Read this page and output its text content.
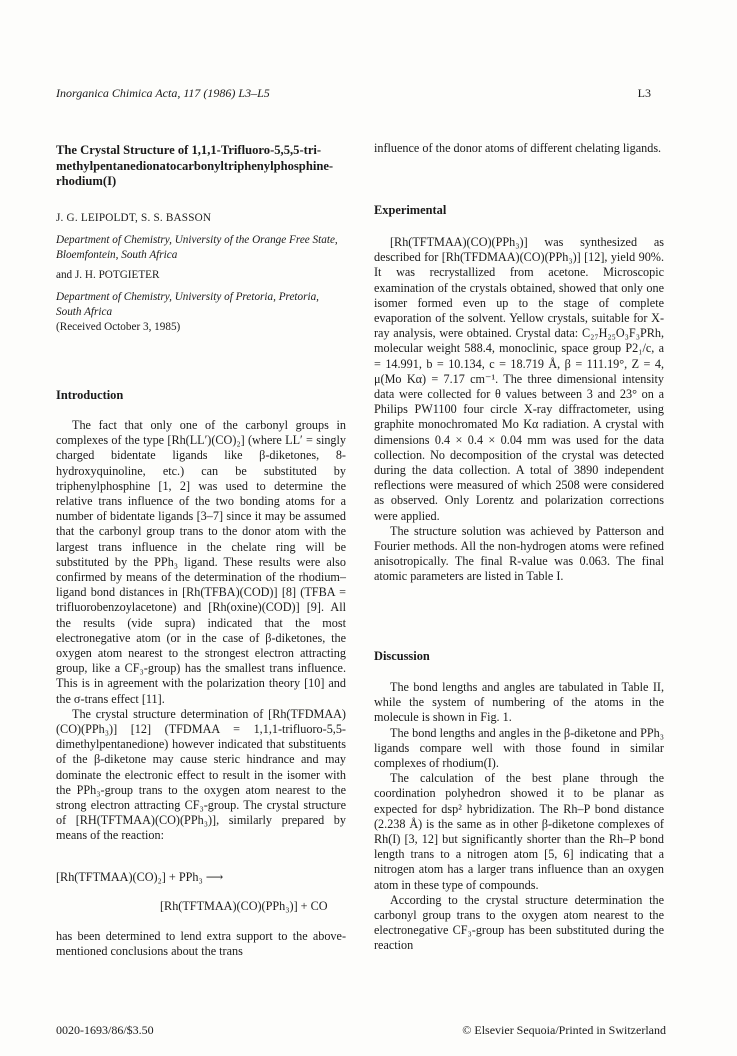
Inorganica Chimica Acta, 117 (1986) L3–L5	L3
The Crystal Structure of 1,1,1-Trifluoro-5,5,5-tri-methylpentanedionatocarbonyltriphenylphosphine-rhodium(I)
J. G. LEIPOLDT, S. S. BASSON
Department of Chemistry, University of the Orange Free State, Bloemfontein, South Africa
and J. H. POTGIETER
Department of Chemistry, University of Pretoria, Pretoria, South Africa
(Received October 3, 1985)
Introduction

The fact that only one of the carbonyl groups in complexes of the type [Rh(LL′)(CO)₂] (where LL′ = singly charged bidentate ligands like β-diketones, 8-hydroxyquinoline, etc.) can be substituted by triphenylphosphine [1, 2] was used to determine the relative trans influence of the two bonding atoms for a number of bidentate ligands [3–7] since it may be assumed that the carbonyl group trans to the donor atom with the largest trans influence in the chelate ring will be substituted by the PPh₃ ligand. These results were also confirmed by means of the determination of the rhodium–ligand bond distances in [Rh(TFBA)(COD)] [8] (TFBA = trifluorobenzoylacetone) and [Rh(oxine)(COD)] [9]. All the results (vide supra) indicated that the most electronegative atom (or in the case of β-diketones, the oxygen atom nearest to the strongest electron attracting group, like a CF₃-group) has the smallest trans influence. This is in agreement with the polarization theory [10] and the σ-trans effect [11].

The crystal structure determination of [Rh(TFDMAA)(CO)(PPh₃)] [12] (TFDMAA = 1,1,1-trifluoro-5,5-dimethylpentanedione) however indicated that substituents of the β-diketone may cause steric hindrance and may dominate the electronic effect to result in the isomer with the PPh₃-group trans to the oxygen atom nearest to the strong electron attracting CF₃-group. The crystal structure of [RH(TFTMAA)(CO)(PPh₃)], similarly prepared by means of the reaction:

[Rh(TFTMAA)(CO)₂] + PPh₃ ⟶
[Rh(TFTMAA)(CO)(PPh₃)] + CO

has been determined to lend extra support to the above-mentioned conclusions about the trans

influence of the donor atoms of different chelating ligands.

Experimental

[Rh(TFTMAA)(CO)(PPh₃)] was synthesized as described for [Rh(TFDMAA)(CO)(PPh₃)] [12], yield 90%. It was recrystallized from acetone. Microscopic examination of the crystals obtained, showed that only one isomer formed even up to the stage of complete evaporation of the solvent. Yellow crystals, suitable for X-ray analysis, were obtained. Crystal data: C₂₇H₂₅O₃F₃PRh, molecular weight 588.4, monoclinic, space group P2₁/c, a = 14.991, b = 10.134, c = 18.719 Å, β = 111.19°, Z = 4, μ(Mo Kα) = 7.17 cm⁻¹. The three dimensional intensity data were collected for θ values between 3 and 23° on a Philips PW1100 four circle X-ray diffractometer, using graphite monochromated Mo Kα radiation. A crystal with dimensions 0.4 × 0.4 × 0.04 mm was used for the data collection. No decomposition of the crystal was detected during the data collection. A total of 3890 independent reflections were measured of which 2508 were considered as observed. Only Lorentz and polarization corrections were applied.

The structure solution was achieved by Patterson and Fourier methods. All the non-hydrogen atoms were refined anisotropically. The final R-value was 0.063. The final atomic parameters are listed in Table I.

Discussion

The bond lengths and angles are tabulated in Table II, while the system of numbering of the atoms in the molecule is shown in Fig. 1.

The bond lengths and angles in the β-diketone and PPh₃ ligands compare well with those found in similar complexes of rhodium(I).

The calculation of the best plane through the coordination polyhedron showed it to be planar as expected for dsp² hybridization. The Rh–P bond distance (2.238 Å) is the same as in other β-diketone complexes of Rh(I) [3, 12] but significantly shorter than the Rh–P bond length trans to a nitrogen atom [5, 6] indicating that a nitrogen atom has a larger trans influence than an oxygen atom in these type of compounds.

According to the crystal structure determination the carbonyl group trans to the oxygen atom nearest to the electronegative CF₃-group has been substituted during the reaction

0020-1693/86/$3.50	© Elsevier Sequoia/Printed in Switzerland
